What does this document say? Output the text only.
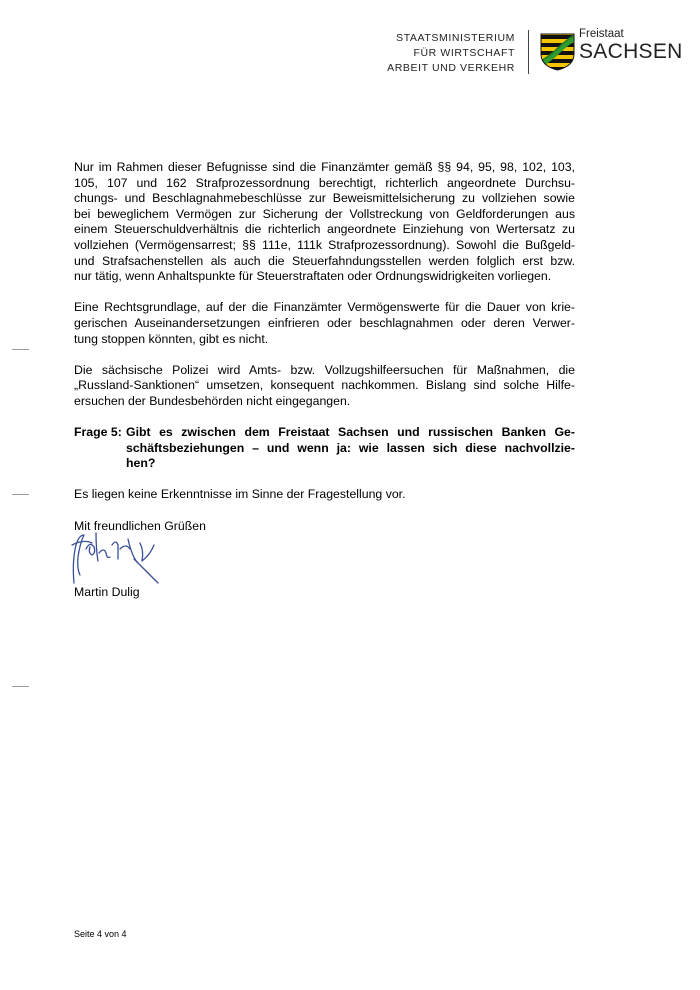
STAATSMINISTERIUM
FÜR WIRTSCHAFT
ARBEIT UND VERKEHR
Freistaat
SACHSEN
Nur im Rahmen dieser Befugnisse sind die Finanzämter gemäß §§ 94, 95, 98, 102, 103,
105, 107 und 162 Strafprozessordnung berechtigt, richterlich angeordnete Durchsu-
chungs- und Beschlagnahmebeschlüsse zur Beweismittelsicherung zu vollziehen sowie
bei beweglichem Vermögen zur Sicherung der Vollstreckung von Geldforderungen aus
einem Steuerschuldverhältnis die richterlich angeordnete Einziehung von Wertersatz zu
vollziehen (Vermögensarrest; §§ 111e, 111k Strafprozessordnung). Sowohl die Bußgeld-
und Strafsachenstellen als auch die Steuerfahndungsstellen werden folglich erst bzw.
nur tätig, wenn Anhaltspunkte für Steuerstraftaten oder Ordnungswidrigkeiten vorliegen.
Eine Rechtsgrundlage, auf der die Finanzämter Vermögenswerte für die Dauer von krie-
gerischen Auseinandersetzungen einfrieren oder beschlagnahmen oder deren Verwer-
tung stoppen könnten, gibt es nicht.
Die sächsische Polizei wird Amts- bzw. Vollzugshilfeersuchen für Maßnahmen, die
„Russland-Sanktionen“ umsetzen, konsequent nachkommen. Bislang sind solche Hilfe-
ersuchen der Bundesbehörden nicht eingegangen.
Frage 5: Gibt es zwischen dem Freistaat Sachsen und russischen Banken Ge-
schäftsbeziehungen – und wenn ja: wie lassen sich diese nachvollzie-
hen?
Es liegen keine Erkenntnisse im Sinne der Fragestellung vor.
Mit freundlichen Grüßen
Martin Dulig
Seite 4 von 4
